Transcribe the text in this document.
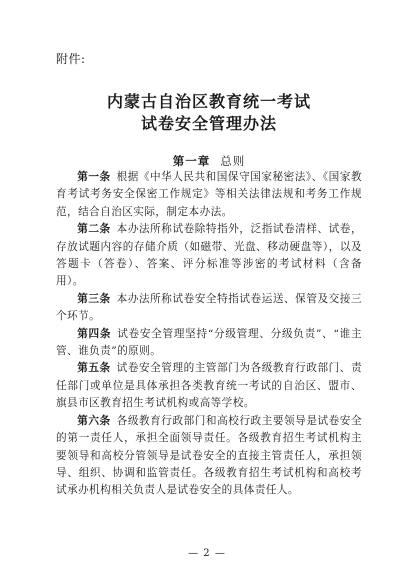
附件:
内蒙古自治区教育统一考试
试卷安全管理办法
第一章 总则

第一条 根据《中华人民共和国保守国家秘密法》、《国家教育考试考务安全保密工作规定》等相关法律法规和考务工作规范，结合自治区实际，制定本办法。

第二条 本办法所称试卷除特指外，泛指试卷清样、试卷，存放试题内容的存储介质（如磁带、光盘、移动硬盘等），以及答题卡（答卷）、答案、评分标准等涉密的考试材料（含备用）。

第三条 本办法所称试卷安全特指试卷运送、保管及交接三个环节。

第四条 试卷安全管理坚持“分级管理、分级负责”、“谁主管、谁负责”的原则。

第五条 试卷安全管理的主管部门为各级教育行政部门、责任部门或单位是具体承担各类教育统一考试的自治区、盟市、旗县市区教育招生考试机构或高等学校。

第六条 各级教育行政部门和高校行政主要领导是试卷安全的第一责任人，承担全面领导责任。各级教育招生考试机构主要领导和高校分管领导是试卷安全的直接主管责任人，承担领导、组织、协调和监管责任。各级教育招生考试机构和高校考试承办机构相关负责人是试卷安全的具体责任人。

— 2 —
